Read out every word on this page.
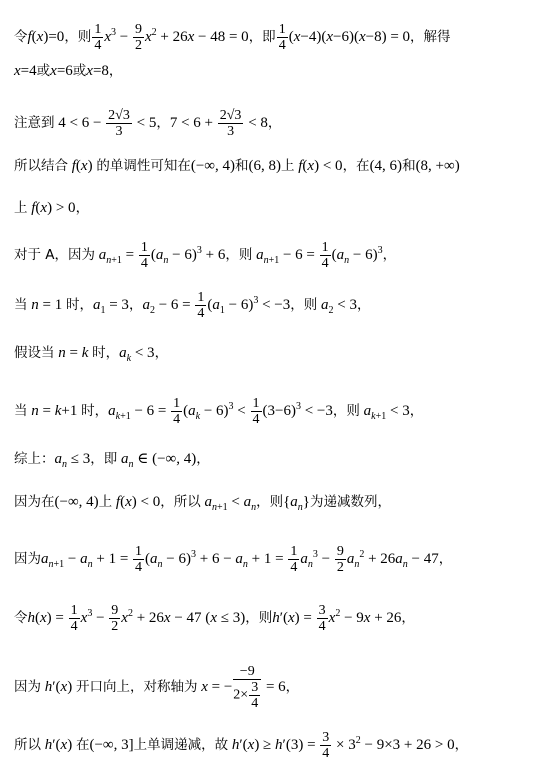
令f(x)=0，则 $\frac{1}{4} x^3 - \frac{9}{2} x^2 + 26x - 48 = 0$，即 $\frac{1}{4} (x-4)(x-6)(x-8) = 0$，解得
x=4或x=6或x=8，
注意到 $4 < 6 - \frac{2√3}{3} < 5$，$7 < 6 + \frac{2√3}{3} < 8$，
所以结合 f(x) 的单调性可知在(−∞, 4)和(6, 8)上 f(x) < 0，在(4, 6)和(8, +∞)
上 f(x) > 0，
对于 A，因为 $a_{n+1} = \frac{1}{4} (a_n - 6)^3 + 6$，则 $a_{n+1} - 6 = \frac{1}{4} (a_n - 6)^3$，
当 n = 1 时，$a_1 = 3$，$a_2 - 6 = \frac{1}{4} (a_1 - 6)^3 < -3$，则 $a_2 < 3$，
假设当 n = k 时，$a_k < 3$，
当 n = k+1 时，$a_{k+1} - 6 = \frac{1}{4} (a_k - 6)^3 < \frac{1}{4} (3-6)^3 < -3$，则 $a_{k+1} < 3$，
综上：$a_n \le 3$，即 $a_n$ ∈ (−∞, 4)，
因为在(−∞, 4)上 f(x) < 0，所以 $a_{n+1} < a_n$，则$\{a_n\}$为递减数列，
因为$a_{n+1} - a_n + 1 = \frac{1}{4} (a_n - 6)^3 + 6 - a_n + 1 = \frac{1}{4} a_n^3 - \frac{9}{2} a_n^2 + 26a_n - 47$，
令$h(x) = \frac{1}{4} x^3 - \frac{9}{2} x^2 + 26x - 47$ (x ≤ 3)，则$h'(x) = \frac{3}{4} x^2 - 9x + 26$，
因为 h′(x) 开口向上，对称轴为 x = − $\frac{-9}{2\times \frac{3}{4}} = 6$，
所以 h′(x) 在(−∞, 3]上单调递减，故 $h'(x) \ge h'(3) = \frac{3}{4} \times 3^2 - 9\times 3 + 26 > 0$，
